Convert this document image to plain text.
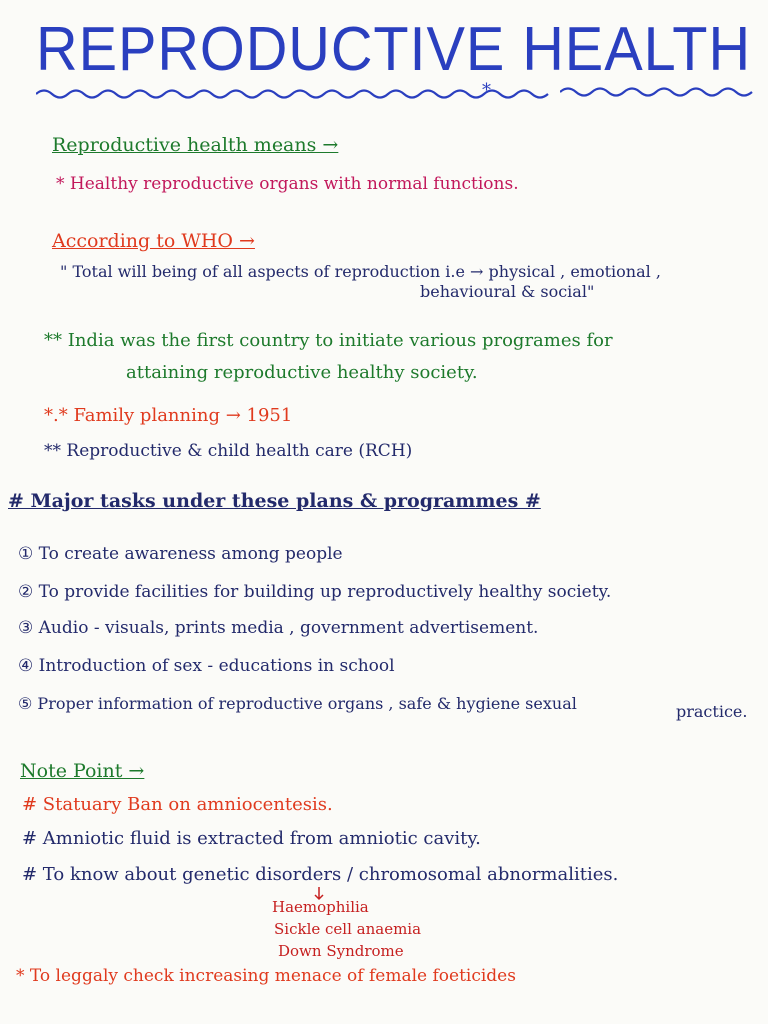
REPRODUCTIVE HEALTH
*
Reproductive health means →
* Healthy reproductive organs with normal functions.
According to WHO →
" Total will being of all aspects of reproduction i.e → physical , emotional ,
behavioural & social"
** India was the first country to initiate various programes for
attaining reproductive healthy society.
*.* Family planning → 1951
** Reproductive & child health care (RCH)
# Major tasks under these plans & programmes #
① To create awareness among people
② To provide facilities for building up reproductively healthy society.
③ Audio - visuals, prints media , government advertisement.
④ Introduction of sex - educations in school
⑤ Proper information of reproductive organs , safe & hygiene sexual	practice.
Note Point →
# Statuary Ban on amniocentesis.
# Amniotic fluid is extracted from amniotic cavity.
# To know about genetic disorders / chromosomal abnormalities.
Haemophilia
Sickle cell anaemia
Down Syndrome
* To leggaly check increasing menace of female foeticides
